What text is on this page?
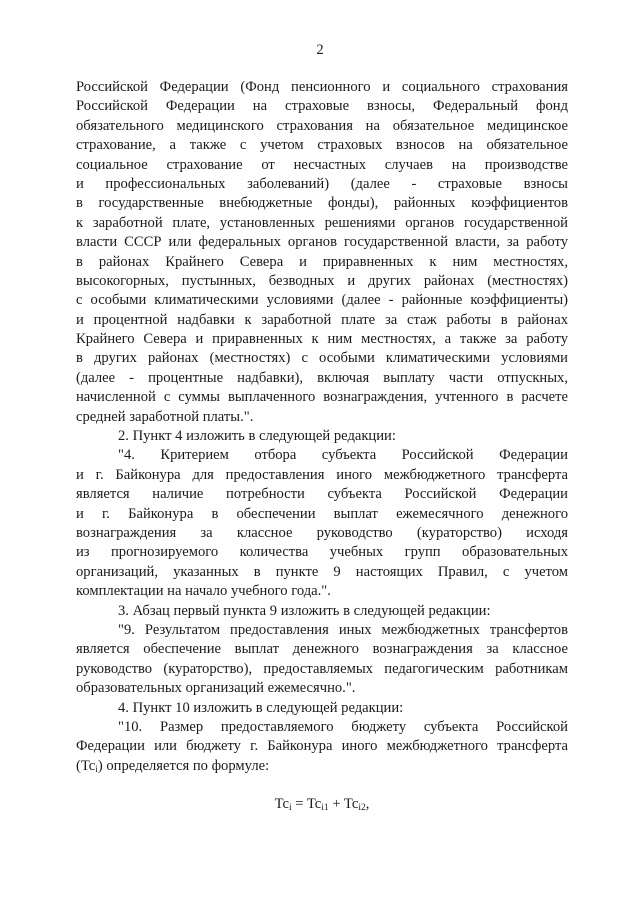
2
Российской Федерации (Фонд пенсионного и социального страхования
Российской Федерации на страховые взносы, Федеральный фонд
обязательного медицинского страхования на обязательное медицинское
страхование, а также с учетом страховых взносов на обязательное
социальное страхование от несчастных случаев на производстве
и профессиональных заболеваний) (далее - страховые взносы
в государственные внебюджетные фонды), районных коэффициентов
к заработной плате, установленных решениями органов государственной
власти СССР или федеральных органов государственной власти, за работу
в районах Крайнего Севера и приравненных к ним местностях,
высокогорных, пустынных, безводных и других районах (местностях)
с особыми климатическими условиями (далее - районные коэффициенты)
и процентной надбавки к заработной плате за стаж работы в районах
Крайнего Севера и приравненных к ним местностях, а также за работу
в других районах (местностях) с особыми климатическими условиями
(далее - процентные надбавки), включая выплату части отпускных,
начисленной с суммы выплаченного вознаграждения, учтенного в расчете
средней заработной платы.".
2. Пункт 4 изложить в следующей редакции:
"4. Критерием отбора субъекта Российской Федерации
и г. Байконура для предоставления иного межбюджетного трансферта
является наличие потребности субъекта Российской Федерации
и г. Байконура в обеспечении выплат ежемесячного денежного
вознаграждения за классное руководство (кураторство) исходя
из прогнозируемого количества учебных групп образовательных
организаций, указанных в пункте 9 настоящих Правил, с учетом
комплектации на начало учебного года.".
3. Абзац первый пункта 9 изложить в следующей редакции:
"9. Результатом предоставления иных межбюджетных трансфертов
является обеспечение выплат денежного вознаграждения за классное
руководство (кураторство), предоставляемых педагогическим работникам
образовательных организаций ежемесячно.".
4. Пункт 10 изложить в следующей редакции:
"10. Размер предоставляемого бюджету субъекта Российской
Федерации или бюджету г. Байконура иного межбюджетного трансферта
$(Tc_i)$ определяется по формуле:
$Tc_i = Tc_{i1} + Tc_{i2}$,
